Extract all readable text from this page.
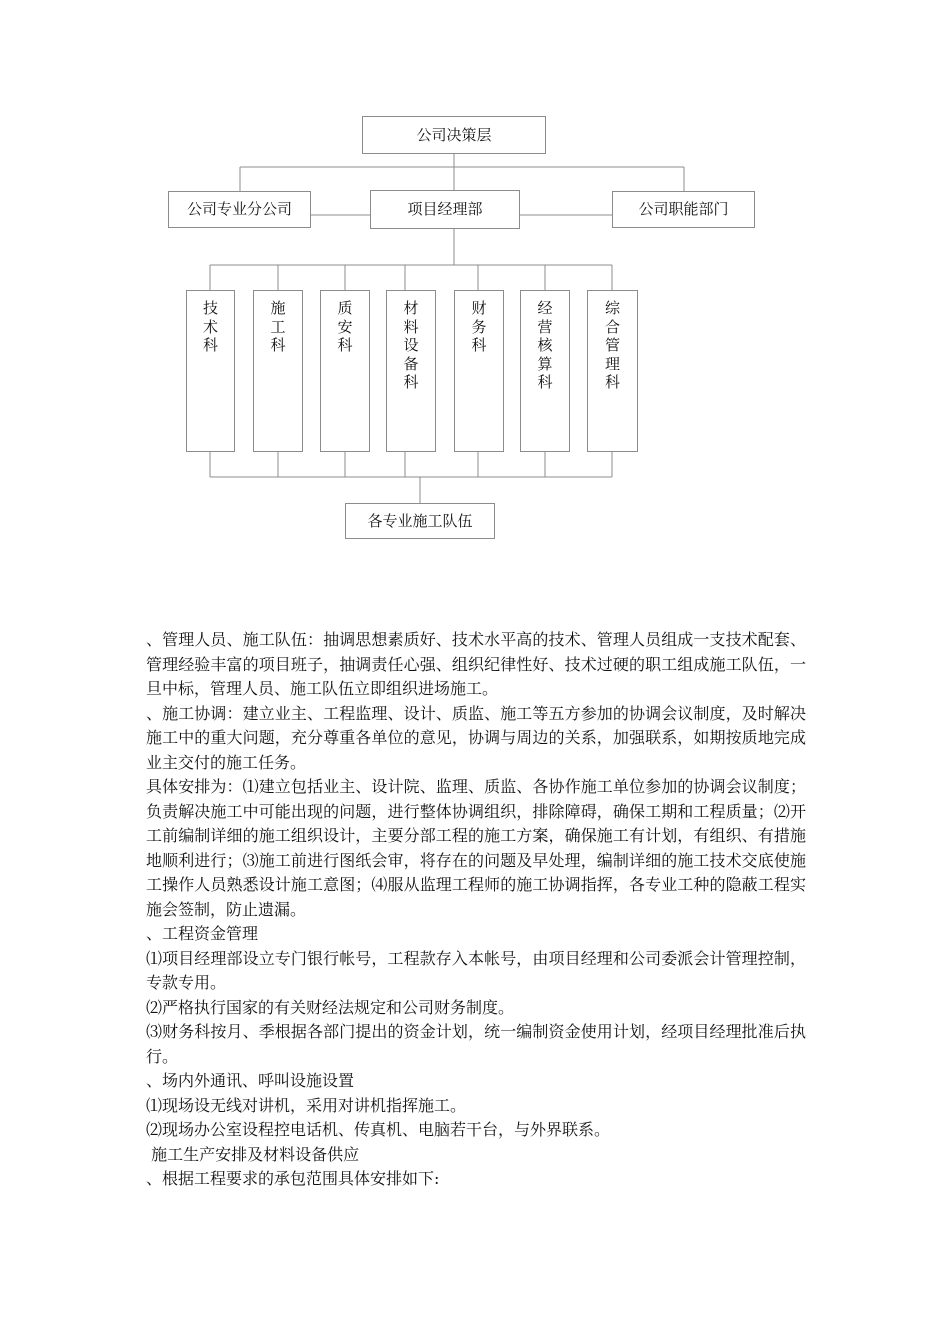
公司决策层
公司专业分公司	项目经理部	公司职能部门
技术科
施工科
质安科
材料设备科
财务科
经营核算科
综合管理科
各专业施工队伍

、管理人员、施工队伍：抽调思想素质好、技术水平高的技术、管理人员组成一支技术配套、管理经验丰富的项目班子，抽调责任心强、组织纪律性好、技术过硬的职工组成施工队伍，一旦中标，管理人员、施工队伍立即组织进场施工。

、施工协调：建立业主、工程监理、设计、质监、施工等五方参加的协调会议制度，及时解决施工中的重大问题，充分尊重各单位的意见，协调与周边的关系，加强联系，如期按质地完成业主交付的施工任务。

具体安排为：⑴建立包括业主、设计院、监理、质监、各协作施工单位参加的协调会议制度；负责解决施工中可能出现的问题，进行整体协调组织，排除障碍，确保工期和工程质量；⑵开工前编制详细的施工组织设计，主要分部工程的施工方案，确保施工有计划，有组织、有措施地顺利进行；⑶施工前进行图纸会审，将存在的问题及早处理，编制详细的施工技术交底使施工操作人员熟悉设计施工意图；⑷服从监理工程师的施工协调指挥，各专业工种的隐蔽工程实施会签制，防止遗漏。

、工程资金管理

⑴项目经理部设立专门银行帐号，工程款存入本帐号，由项目经理和公司委派会计管理控制，专款专用。

⑵严格执行国家的有关财经法规定和公司财务制度。

⑶财务科按月、季根据各部门提出的资金计划，统一编制资金使用计划，经项目经理批准后执行。

、场内外通讯、呼叫设施设置

⑴现场设无线对讲机，采用对讲机指挥施工。

⑵现场办公室设程控电话机、传真机、电脑若干台，与外界联系。

施工生产安排及材料设备供应

、根据工程要求的承包范围具体安排如下:
